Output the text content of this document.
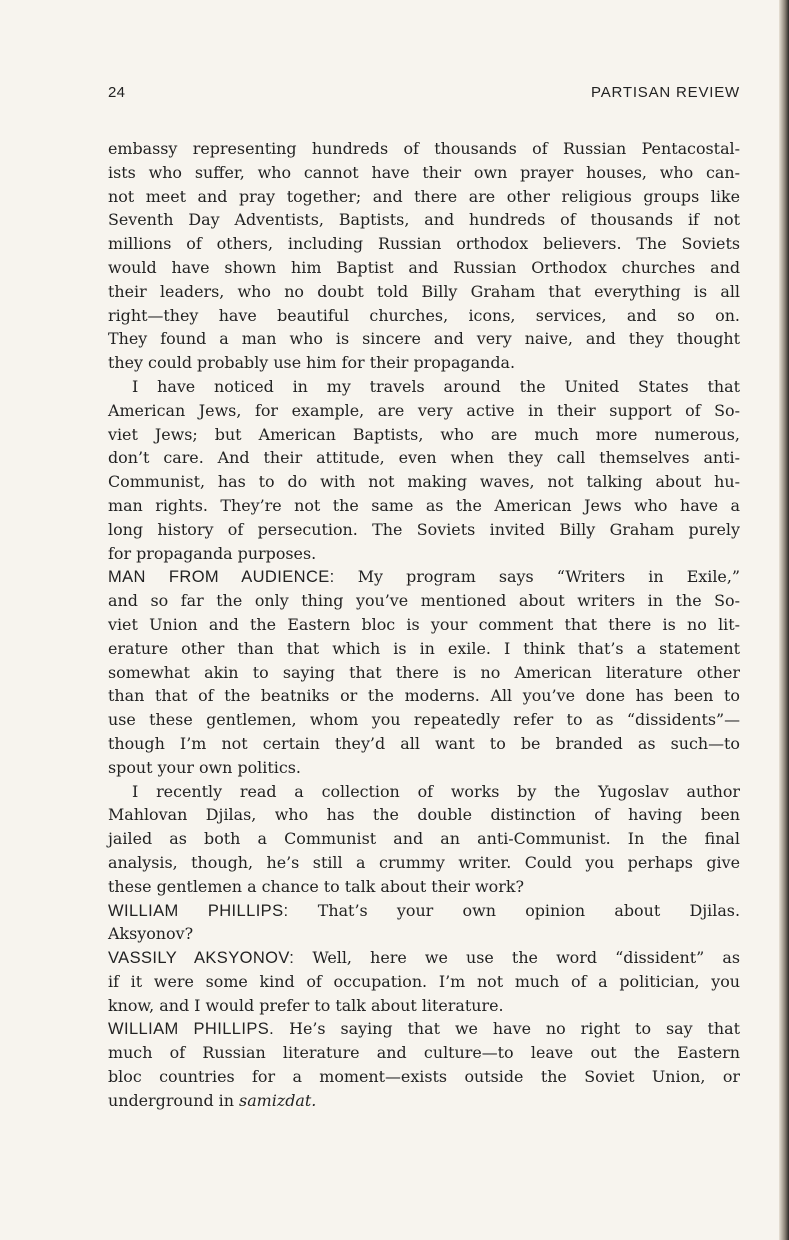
24	PARTISAN REVIEW
embassy representing hundreds of thousands of Russian Pentacostal-
ists who suffer, who cannot have their own prayer houses, who can-
not meet and pray together; and there are other religious groups like
Seventh Day Adventists, Baptists, and hundreds of thousands if not
millions of others, including Russian orthodox believers. The Soviets
would have shown him Baptist and Russian Orthodox churches and
their leaders, who no doubt told Billy Graham that everything is all
right—they have beautiful churches, icons, services, and so on.
They found a man who is sincere and very naive, and they thought
they could probably use him for their propaganda.
I have noticed in my travels around the United States that
American Jews, for example, are very active in their support of So-
viet Jews; but American Baptists, who are much more numerous,
don’t care. And their attitude, even when they call themselves anti-
Communist, has to do with not making waves, not talking about hu-
man rights. They’re not the same as the American Jews who have a
long history of persecution. The Soviets invited Billy Graham purely
for propaganda purposes.
MAN FROM AUDIENCE: My program says “Writers in Exile,”
and so far the only thing you’ve mentioned about writers in the So-
viet Union and the Eastern bloc is your comment that there is no lit-
erature other than that which is in exile. I think that’s a statement
somewhat akin to saying that there is no American literature other
than that of the beatniks or the moderns. All you’ve done has been to
use these gentlemen, whom you repeatedly refer to as “dissidents”—
though I’m not certain they’d all want to be branded as such—to
spout your own politics.
I recently read a collection of works by the Yugoslav author
Mahlovan Djilas, who has the double distinction of having been
jailed as both a Communist and an anti-Communist. In the final
analysis, though, he’s still a crummy writer. Could you perhaps give
these gentlemen a chance to talk about their work?
WILLIAM PHILLIPS: That’s your own opinion about Djilas.
Aksyonov?
VASSILY AKSYONOV: Well, here we use the word “dissident” as
if it were some kind of occupation. I’m not much of a politician, you
know, and I would prefer to talk about literature.
WILLIAM PHILLIPS. He’s saying that we have no right to say that
much of Russian literature and culture—to leave out the Eastern
bloc countries for a moment—exists outside the Soviet Union, or
underground in samizdat.
